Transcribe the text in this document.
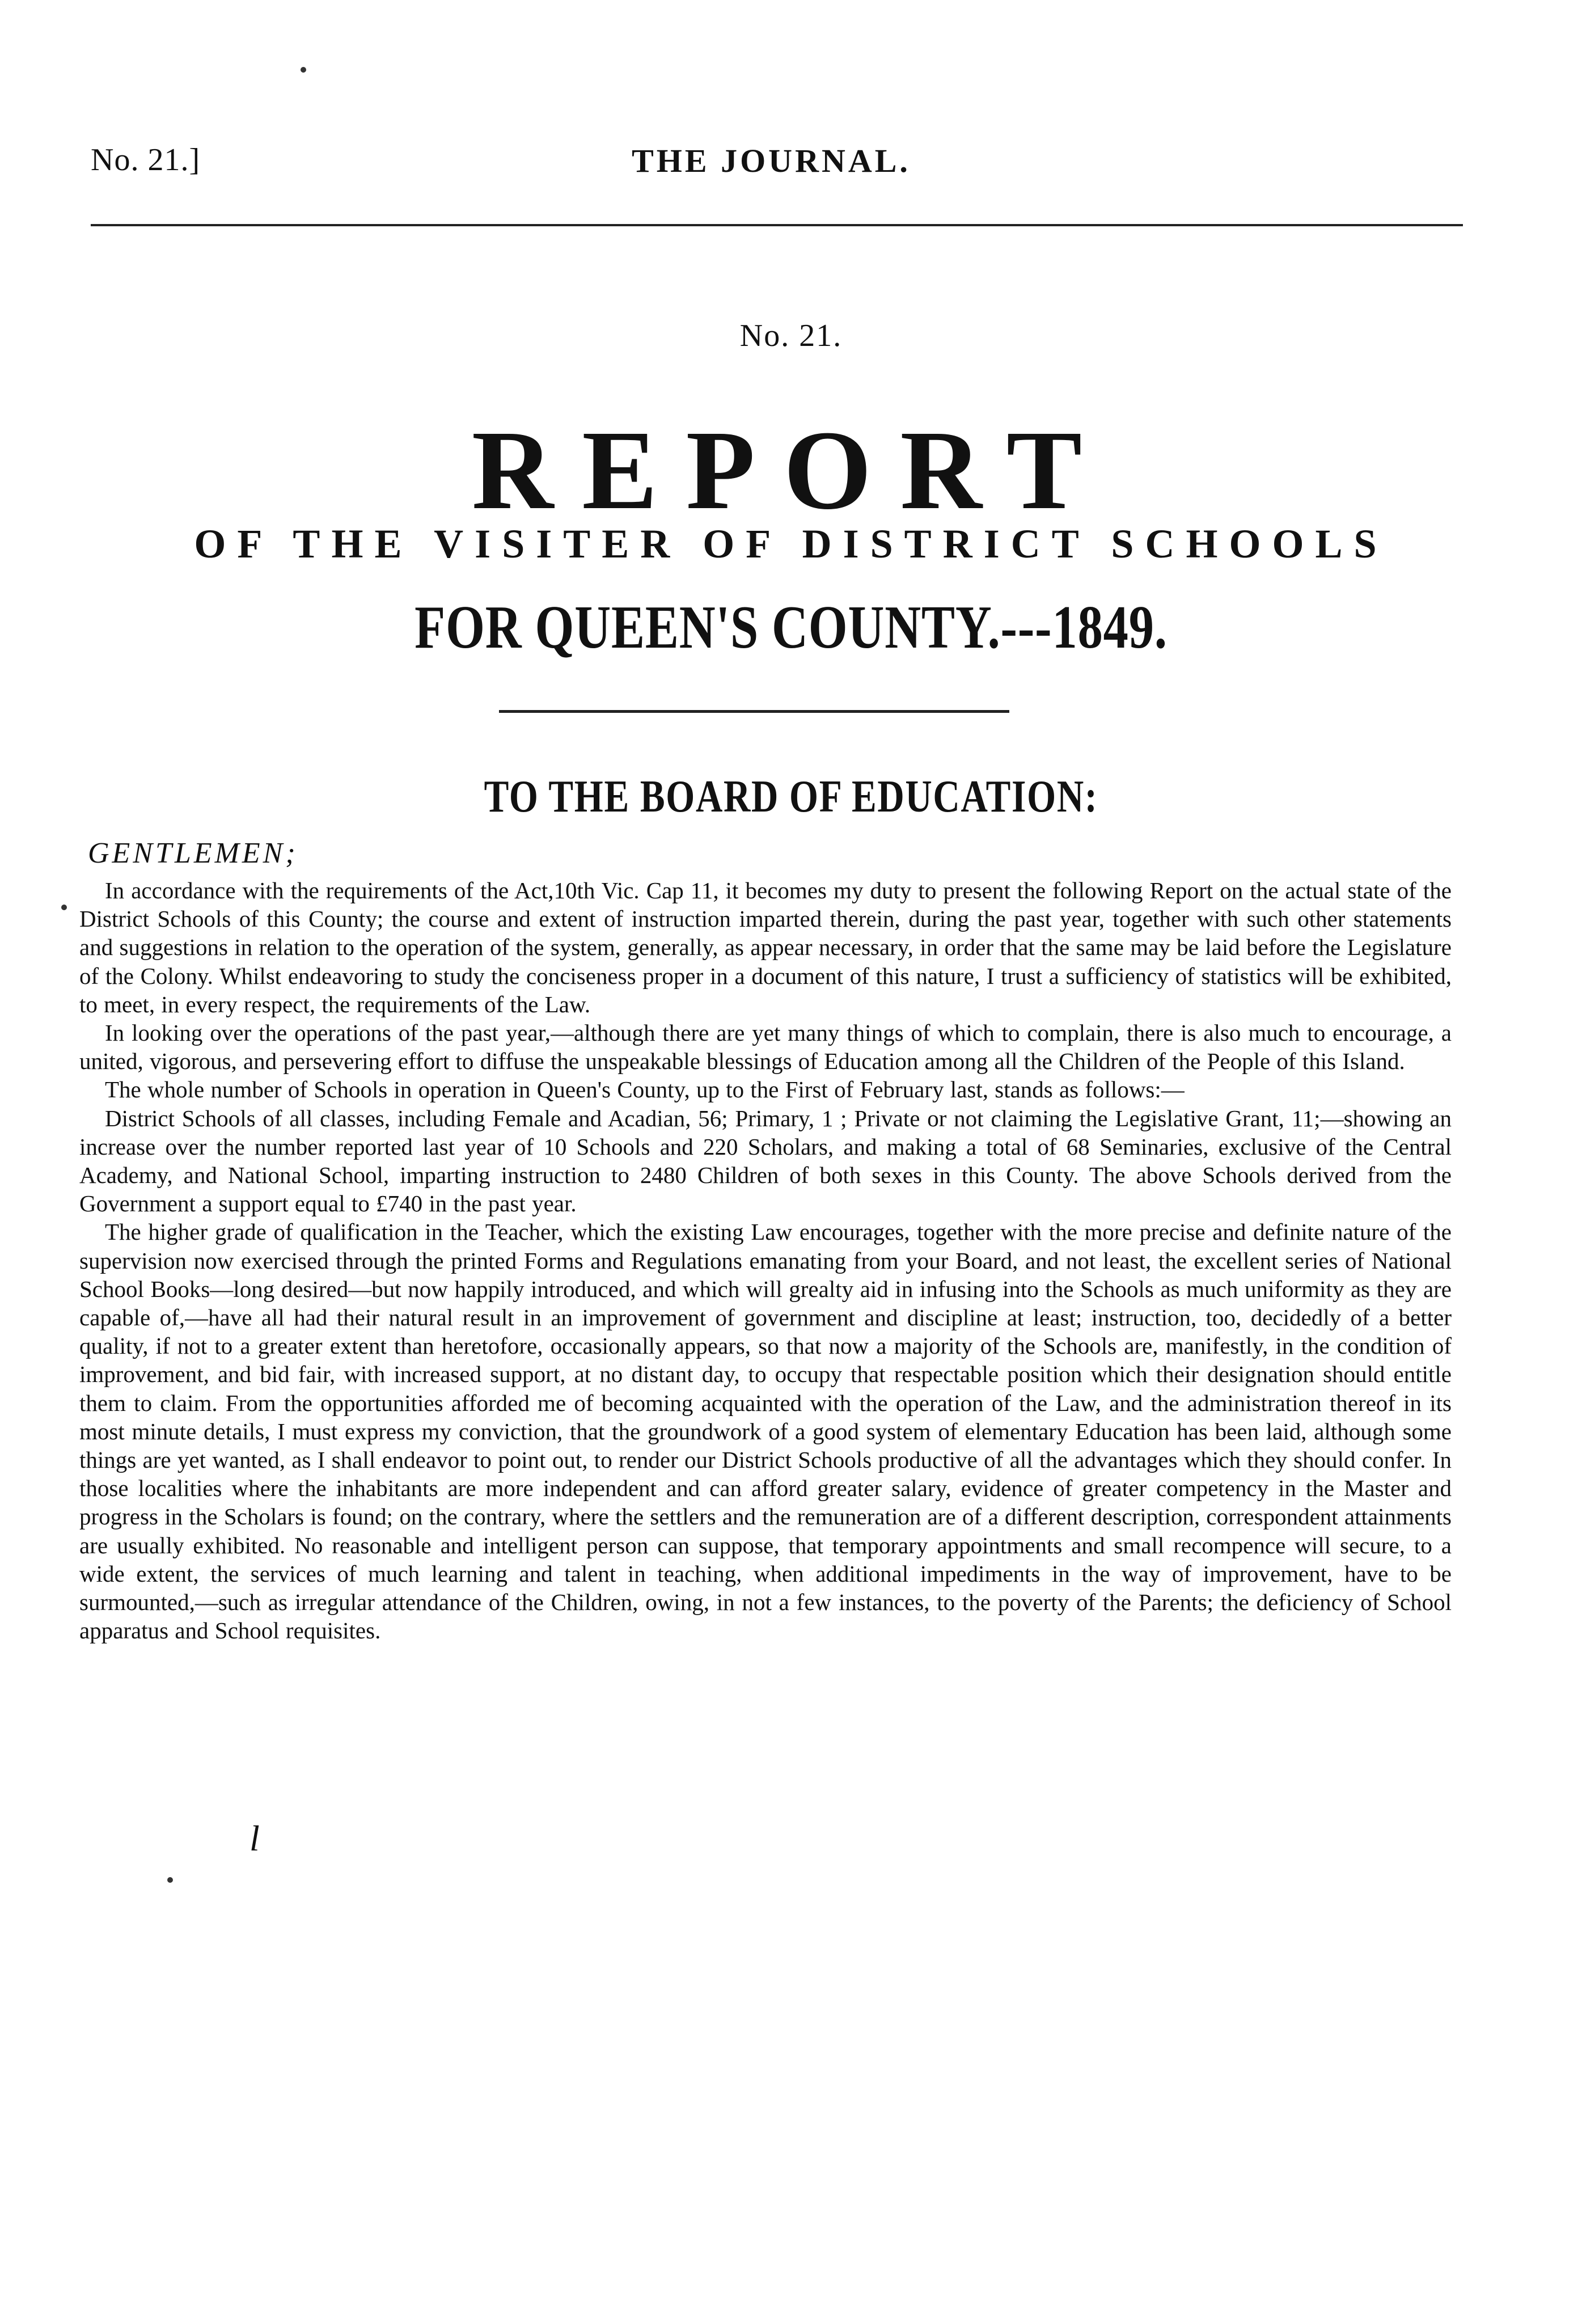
No. 21.]	THE JOURNAL.
No. 21.
REPORT
OF THE VISITER OF DISTRICT SCHOOLS
FOR QUEEN'S COUNTY.---1849.
TO THE BOARD OF EDUCATION:
GENTLEMEN;

In accordance with the requirements of the Act,10th Vic. Cap 11, it becomes my duty to present the following Report on the actual state of the District Schools of this County; the course and extent of instruction imparted therein, during the past year, together with such other statements and suggestions in relation to the operation of the system, generally, as appear necessary, in order that the same may be laid before the Legislature of the Colony. Whilst endeavoring to study the conciseness proper in a document of this nature, I trust a sufficiency of statistics will be exhibited, to meet, in every respect, the requirements of the Law.

In looking over the operations of the past year,—although there are yet many things of which to complain, there is also much to encourage, a united, vigorous, and persevering effort to diffuse the unspeakable blessings of Education among all the Children of the People of this Island.

The whole number of Schools in operation in Queen's County, up to the First of February last, stands as follows:—

District Schools of all classes, including Female and Acadian, 56; Primary, 1 ; Private or not claiming the Legislative Grant, 11;—showing an increase over the number reported last year of 10 Schools and 220 Scholars, and making a total of 68 Seminaries, exclusive of the Central Academy, and National School, imparting instruction to 2480 Children of both sexes in this County. The above Schools derived from the Government a support equal to £740 in the past year.

The higher grade of qualification in the Teacher, which the existing Law encourages, together with the more precise and definite nature of the supervision now exercised through the printed Forms and Regulations emanating from your Board, and not least, the excellent series of National School Books—long desired—but now happily introduced, and which will grealty aid in infusing into the Schools as much uniformity as they are capable of,—have all had their natural result in an improvement of government and discipline at least; instruction, too, decidedly of a better quality, if not to a greater extent than heretofore, occasionally appears, so that now a majority of the Schools are, manifestly, in the condition of improvement, and bid fair, with increased support, at no distant day, to occupy that respectable position which their designation should entitle them to claim. From the opportunities afforded me of becoming acquainted with the operation of the Law, and the administration thereof in its most minute details, I must express my conviction, that the groundwork of a good system of elementary Education has been laid, although some things are yet wanted, as I shall endeavor to point out, to render our District Schools productive of all the advantages which they should confer. In those localities where the inhabitants are more independent and can afford greater salary, evidence of greater competency in the Master and progress in the Scholars is found; on the contrary, where the settlers and the remuneration are of a different description, correspondent attainments are usually exhibited. No reasonable and intelligent person can suppose, that temporary appointments and small recompence will secure, to a wide extent, the services of much learning and talent in teaching, when additional impediments in the way of improvement, have to be surmounted,—such as irregular attendance of the Children, owing, in not a few instances, to the poverty of the Parents; the deficiency of School apparatus and School requisites.

l
